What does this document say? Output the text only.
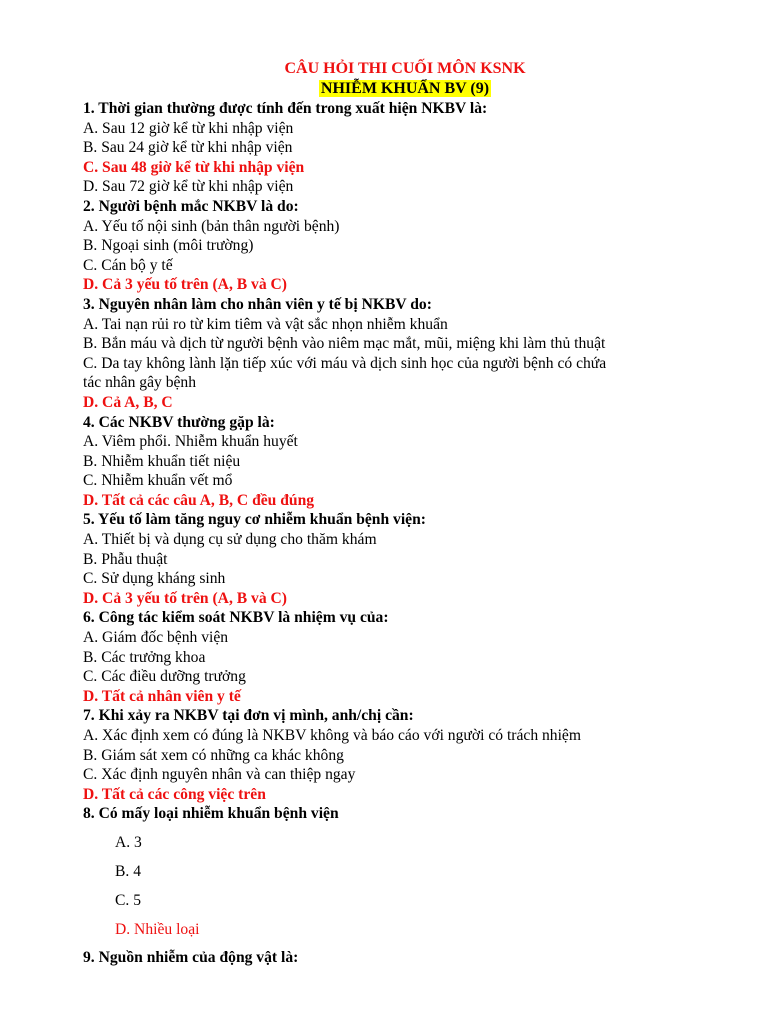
CÂU HỎI THI CUỐI MÔN KSNK
NHIỄM KHUẨN BV (9)

1. Thời gian thường được tính đến trong xuất hiện NKBV là:

A. Sau 12 giờ kể từ khi nhập viện

B. Sau 24 giờ kể từ khi nhập viện

C. Sau 48 giờ kể từ khi nhập viện

D. Sau 72 giờ kể từ khi nhập viện

2. Người bệnh mắc NKBV là do:

A. Yếu tố nội sinh (bản thân người bệnh)

B. Ngoại sinh (môi trường)

C. Cán bộ y tế

D. Cả 3 yếu tố trên (A, B và C)

3. Nguyên nhân làm cho nhân viên y tế bị NKBV do:

A. Tai nạn rủi ro từ kim tiêm và vật sắc nhọn nhiễm khuẩn

B. Bắn máu và dịch từ người bệnh vào niêm mạc mắt, mũi, miệng khi làm thủ thuật

C. Da tay không lành lặn tiếp xúc với máu và dịch sinh học của người bệnh có chứa

tác nhân gây bệnh

D. Cả A, B, C

4. Các NKBV thường gặp là:

A. Viêm phổi. Nhiễm khuẩn huyết

B. Nhiễm khuẩn tiết niệu

C. Nhiễm khuẩn vết mổ

D. Tất cả các câu A, B, C đều đúng

5. Yếu tố làm tăng nguy cơ nhiễm khuẩn bệnh viện:

A. Thiết bị và dụng cụ sử dụng cho thăm khám

B. Phẫu thuật

C. Sử dụng kháng sinh

D. Cả 3 yếu tố trên (A, B và C)

6. Công tác kiểm soát NKBV là nhiệm vụ của:

A. Giám đốc bệnh viện

B. Các trưởng khoa

C. Các điều dưỡng trưởng

D. Tất cả nhân viên y tế

7. Khi xảy ra NKBV tại đơn vị mình, anh/chị cần:

A. Xác định xem có đúng là NKBV không và báo cáo với người có trách nhiệm

B. Giám sát xem có những ca khác không

C. Xác định nguyên nhân và can thiệp ngay

D. Tất cả các công việc trên

8. Có mấy loại nhiễm khuẩn bệnh viện

A. 3
B. 4
C. 5
D. Nhiều loại
9. Nguồn nhiễm của động vật là:
